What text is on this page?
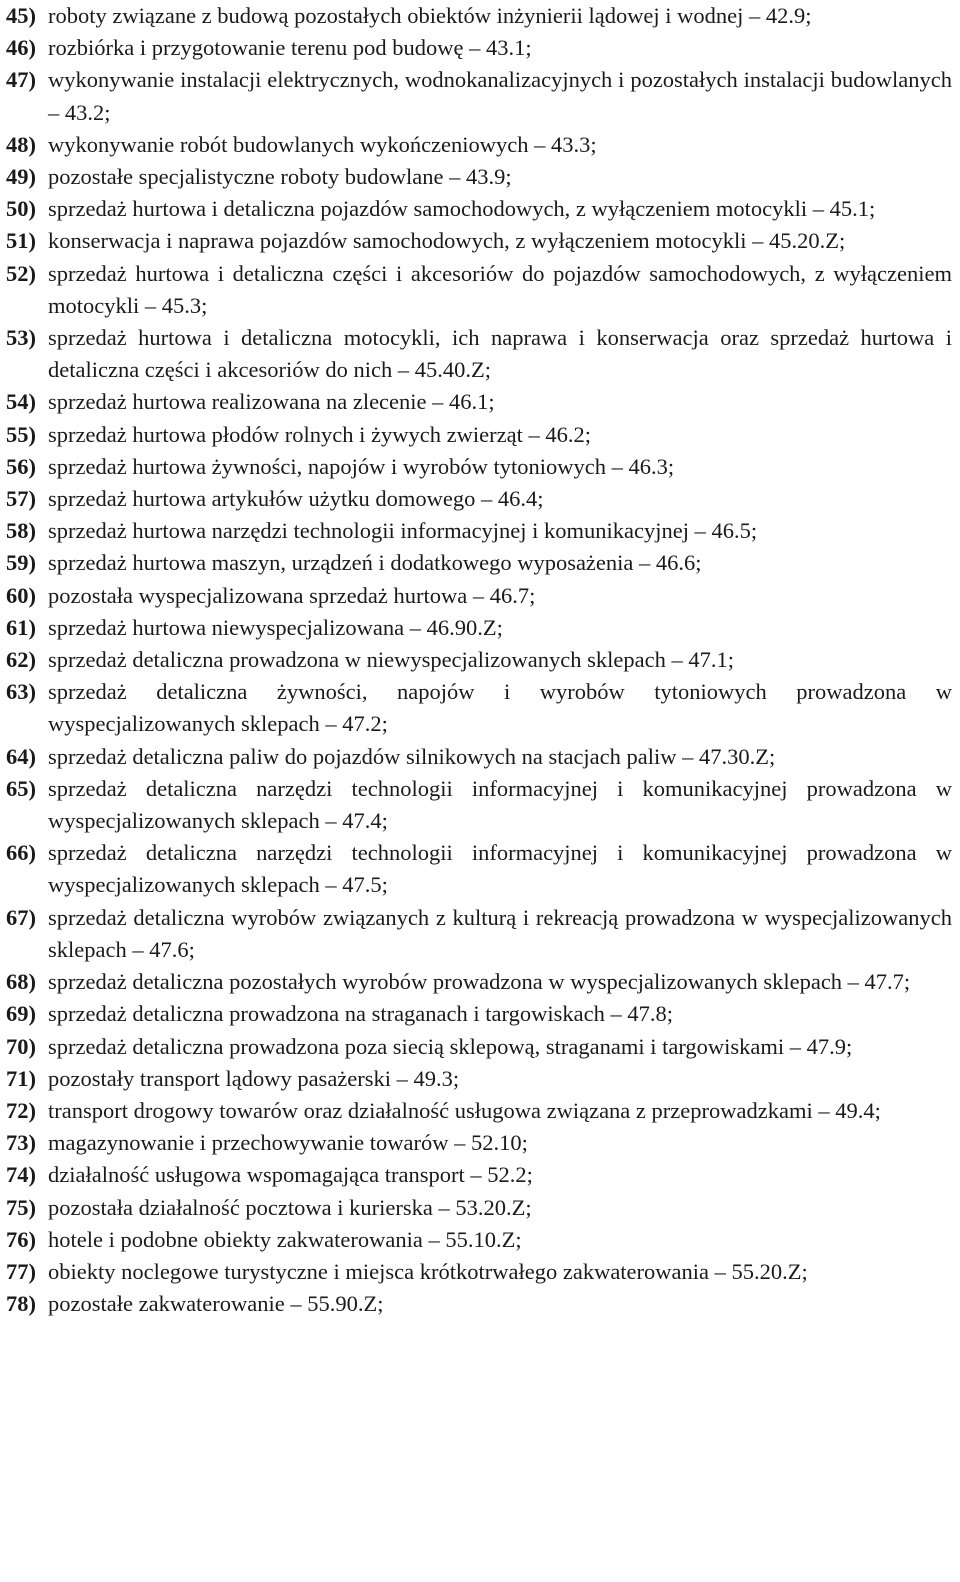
45) roboty związane z budową pozostałych obiektów inżynierii lądowej i wodnej – 42.9;

46) rozbiórka i przygotowanie terenu pod budowę – 43.1;

47) wykonywanie instalacji elektrycznych, wodnokanalizacyjnych i pozostałych instalacji budowlanych – 43.2;

48) wykonywanie robót budowlanych wykończeniowych – 43.3;

49) pozostałe specjalistyczne roboty budowlane – 43.9;

50) sprzedaż hurtowa i detaliczna pojazdów samochodowych, z wyłączeniem motocykli – 45.1;

51) konserwacja i naprawa pojazdów samochodowych, z wyłączeniem motocykli – 45.20.Z;

52) sprzedaż hurtowa i detaliczna części i akcesoriów do pojazdów samochodowych, z wyłączeniem motocykli – 45.3;

53) sprzedaż hurtowa i detaliczna motocykli, ich naprawa i konserwacja oraz sprzedaż hurtowa i detaliczna części i akcesoriów do nich – 45.40.Z;

54) sprzedaż hurtowa realizowana na zlecenie – 46.1;

55) sprzedaż hurtowa płodów rolnych i żywych zwierząt – 46.2;

56) sprzedaż hurtowa żywności, napojów i wyrobów tytoniowych – 46.3;

57) sprzedaż hurtowa artykułów użytku domowego – 46.4;

58) sprzedaż hurtowa narzędzi technologii informacyjnej i komunikacyjnej – 46.5;

59) sprzedaż hurtowa maszyn, urządzeń i dodatkowego wyposażenia – 46.6;

60) pozostała wyspecjalizowana sprzedaż hurtowa – 46.7;

61) sprzedaż hurtowa niewyspecjalizowana – 46.90.Z;

62) sprzedaż detaliczna prowadzona w niewyspecjalizowanych sklepach – 47.1;

63) sprzedaż detaliczna żywności, napojów i wyrobów tytoniowych prowadzona w wyspecjalizowanych sklepach – 47.2;

64) sprzedaż detaliczna paliw do pojazdów silnikowych na stacjach paliw – 47.30.Z;

65) sprzedaż detaliczna narzędzi technologii informacyjnej i komunikacyjnej prowadzona w wyspecjalizowanych sklepach – 47.4;

66) sprzedaż detaliczna narzędzi technologii informacyjnej i komunikacyjnej prowadzona w wyspecjalizowanych sklepach – 47.5;

67) sprzedaż detaliczna wyrobów związanych z kulturą i rekreacją prowadzona w wyspecjalizowanych sklepach – 47.6;

68) sprzedaż detaliczna pozostałych wyrobów prowadzona w wyspecjalizowanych sklepach – 47.7;

69) sprzedaż detaliczna prowadzona na straganach i targowiskach – 47.8;

70) sprzedaż detaliczna prowadzona poza siecią sklepową, straganami i targowiskami – 47.9;

71) pozostały transport lądowy pasażerski – 49.3;

72) transport drogowy towarów oraz działalność usługowa związana z przeprowadzkami – 49.4;

73) magazynowanie i przechowywanie towarów – 52.10;

74) działalność usługowa wspomagająca transport – 52.2;

75) pozostała działalność pocztowa i kurierska – 53.20.Z;

76) hotele i podobne obiekty zakwaterowania – 55.10.Z;

77) obiekty noclegowe turystyczne i miejsca krótkotrwałego zakwaterowania – 55.20.Z;

78) pozostałe zakwaterowanie – 55.90.Z;
